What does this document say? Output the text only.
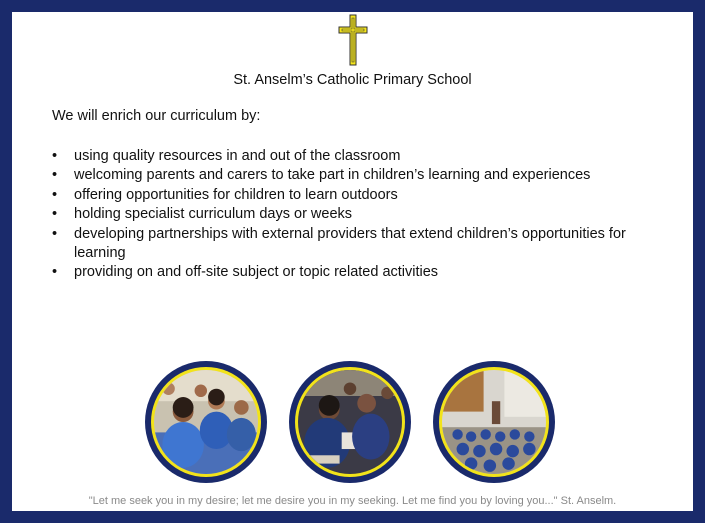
St. Anselm’s Catholic Primary School
We will enrich our curriculum by:
• using quality resources in and out of the classroom
• welcoming parents and carers to take part in children’s learning and experiences
• offering opportunities for children to learn outdoors
• holding specialist curriculum days or weeks
• developing partnerships with external providers that extend children’s opportunities for learning
• providing on and off-site subject or topic related activities
"Let me seek you in my desire; let me desire you in my seeking. Let me find you by loving you..." St. Anselm.
